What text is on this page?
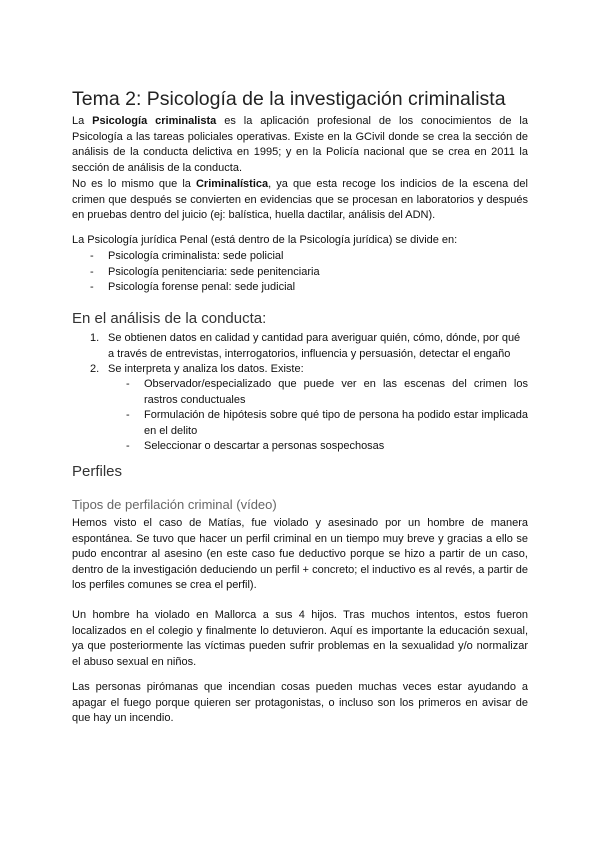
Tema 2: Psicología de la investigación criminalista
La Psicología criminalista es la aplicación profesional de los conocimientos de la Psicología a las tareas policiales operativas. Existe en la GCivil donde se crea la sección de análisis de la conducta delictiva en 1995; y en la Policía nacional que se crea en 2011 la sección de análisis de la conducta.
No es lo mismo que la Criminalística, ya que esta recoge los indicios de la escena del crimen que después se convierten en evidencias que se procesan en laboratorios y después en pruebas dentro del juicio (ej: balística, huella dactilar, análisis del ADN).
La Psicología jurídica Penal (está dentro de la Psicología jurídica) se divide en:
- Psicología criminalista: sede policial
- Psicología penitenciaria: sede penitenciaria
- Psicología forense penal: sede judicial
En el análisis de la conducta:
1. Se obtienen datos en calidad y cantidad para averiguar quién, cómo, dónde, por qué a través de entrevistas, interrogatorios, influencia y persuasión, detectar el engaño
2. Se interpreta y analiza los datos. Existe:
- Observador/especializado que puede ver en las escenas del crimen los rastros conductuales
- Formulación de hipótesis sobre qué tipo de persona ha podido estar implicada en el delito
- Seleccionar o descartar a personas sospechosas
Perfiles
Tipos de perfilación criminal (vídeo)
Hemos visto el caso de Matías, fue violado y asesinado por un hombre de manera espontánea. Se tuvo que hacer un perfil criminal en un tiempo muy breve y gracias a ello se pudo encontrar al asesino (en este caso fue deductivo porque se hizo a partir de un caso, dentro de la investigación deduciendo un perfil + concreto; el inductivo es al revés, a partir de los perfiles comunes se crea el perfil).
Un hombre ha violado en Mallorca a sus 4 hijos. Tras muchos intentos, estos fueron localizados en el colegio y finalmente lo detuvieron. Aquí es importante la educación sexual, ya que posteriormente las víctimas pueden sufrir problemas en la sexualidad y/o normalizar el abuso sexual en niños.
Las personas pirómanas que incendian cosas pueden muchas veces estar ayudando a apagar el fuego porque quieren ser protagonistas, o incluso son los primeros en avisar de que hay un incendio.
